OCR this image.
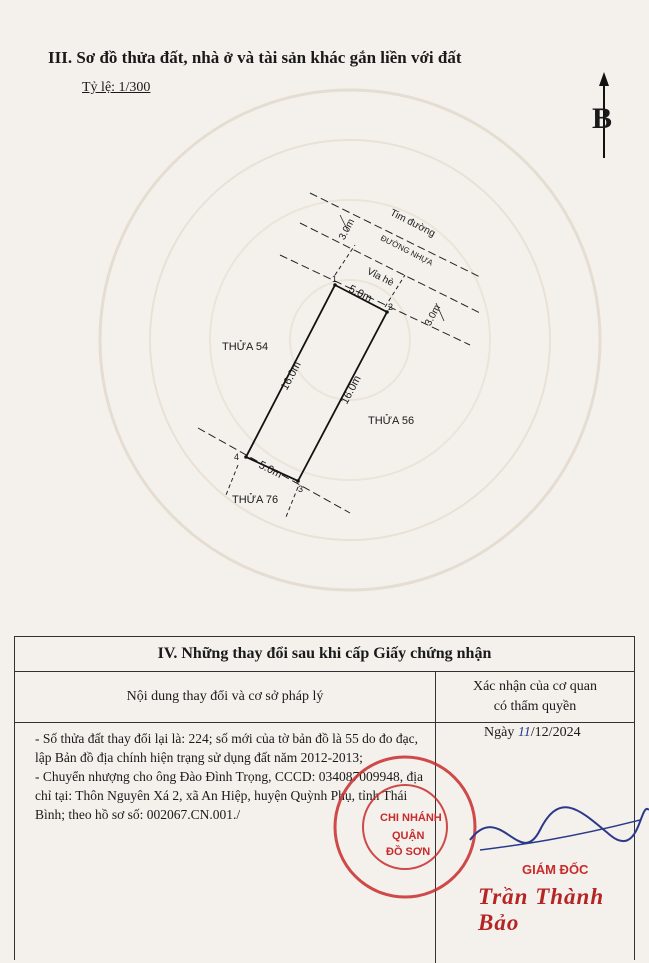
III. Sơ đồ thửa đất, nhà ở và tài sản khác gắn liền với đất
Tỷ lệ: 1/300
B
Tim đường
ĐƯỜNG NHỰA
3.0m
Vỉa hè
3.0m
5.0m
5.0m
16.0m	16.0m
1
2
3
4
THỬA 54
THỬA 56
THỬA 76
IV. Những thay đổi sau khi cấp Giấy chứng nhận
Nội dung thay đổi và cơ sở pháp lý
Xác nhận của cơ quan
có thẩm quyền

- Số thửa đất thay đổi lại là: 224; số mới của tờ bản đồ là 55 do đo đạc, lập Bản đồ địa chính hiện trạng sử dụng đất năm 2012-2013;

- Chuyển nhượng cho ông Đào Đình Trọng, CCCD: 034087009948, địa chỉ tại: Thôn Nguyên Xá 2, xã An Hiệp, huyện Quỳnh Phụ, tỉnh Thái Bình; theo hồ sơ số: 002067.CN.001./

Ngày 11/12/2024
CHI NHÁNH
QUẬN
ĐỒ SƠN
GIÁM ĐỐC
Trần Thành Bảo
